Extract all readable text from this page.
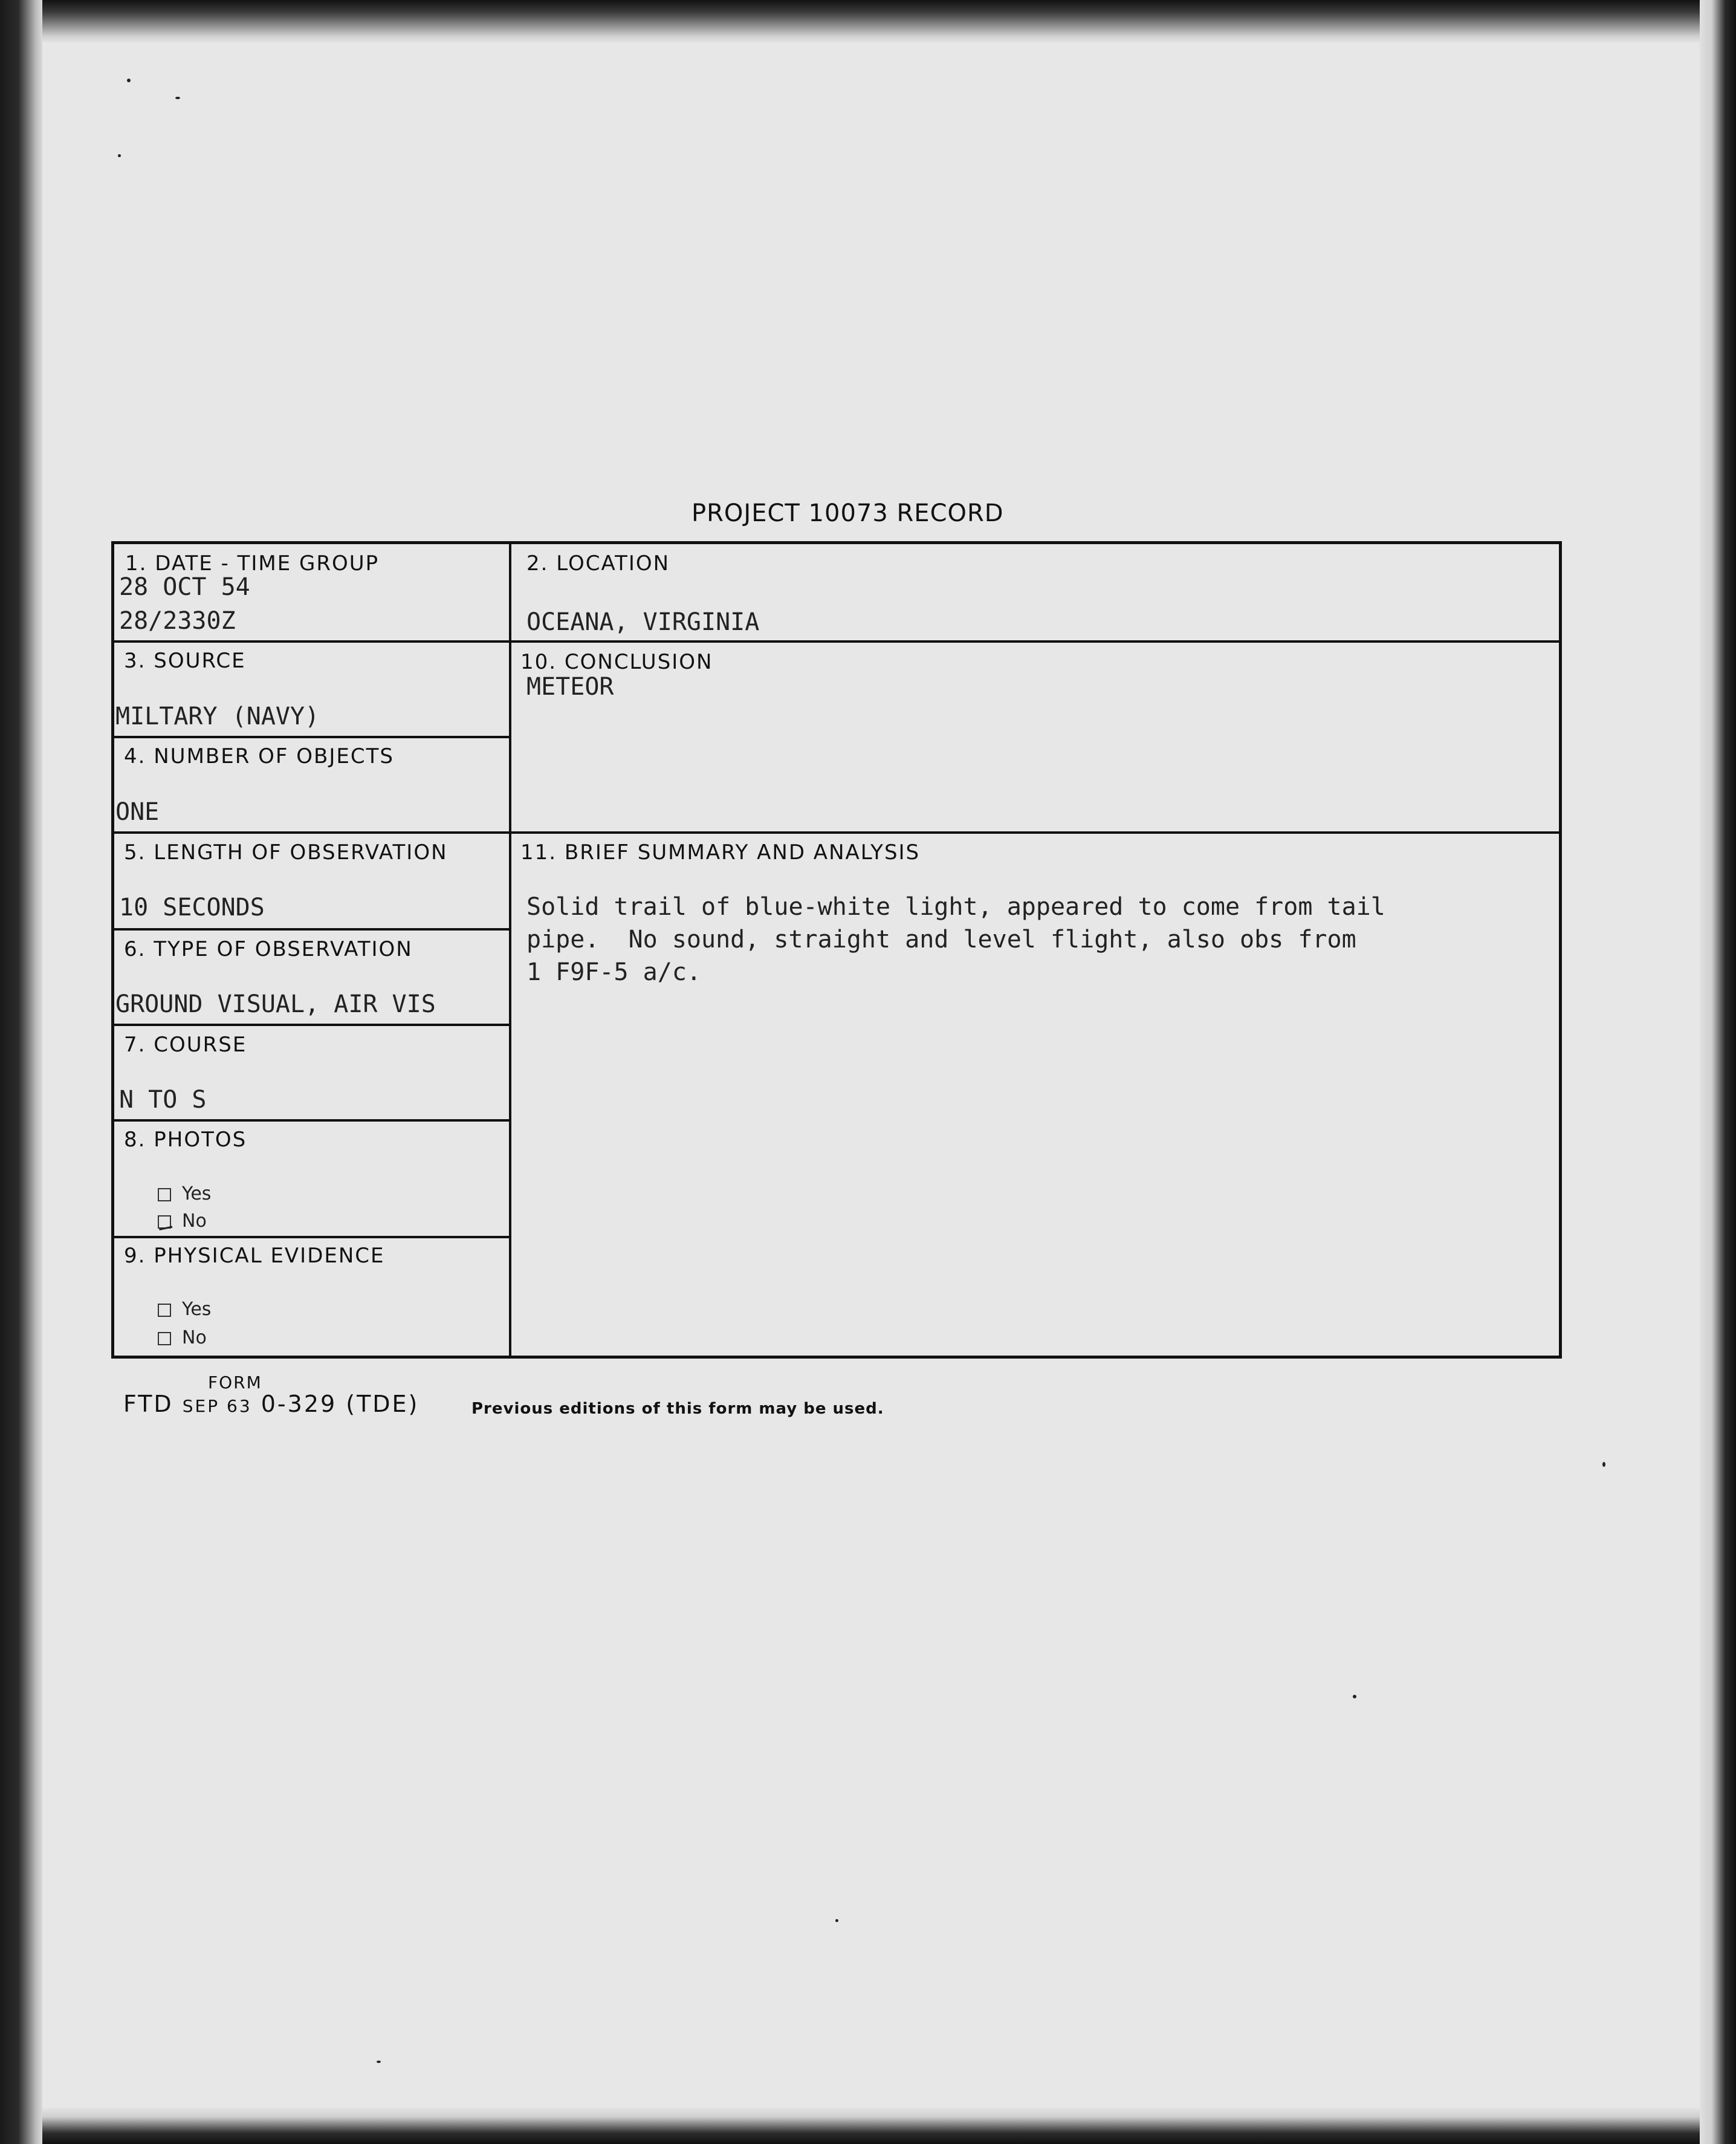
PROJECT 10073 RECORD
1. DATE - TIME GROUP
28 OCT 54
28/2330Z
2. LOCATION
OCEANA, VIRGINIA
3. SOURCE
MILTARY (NAVY)
10. CONCLUSION
METEOR
4. NUMBER OF OBJECTS
ONE
5. LENGTH OF OBSERVATION
10 SECONDS
11. BRIEF SUMMARY AND ANALYSIS
Solid trail of blue-white light, appeared to come from tail
pipe.  No sound, straight and level flight, also obs from
1 F9F-5 a/c.
6. TYPE OF OBSERVATION
GROUND VISUAL, AIR VIS
7. COURSE
N TO S
8. PHOTOS
Yes
No
9. PHYSICAL EVIDENCE
Yes
No
FORM
FTD SEP 63 0-329 (TDE)	Previous editions of this form may be used.
